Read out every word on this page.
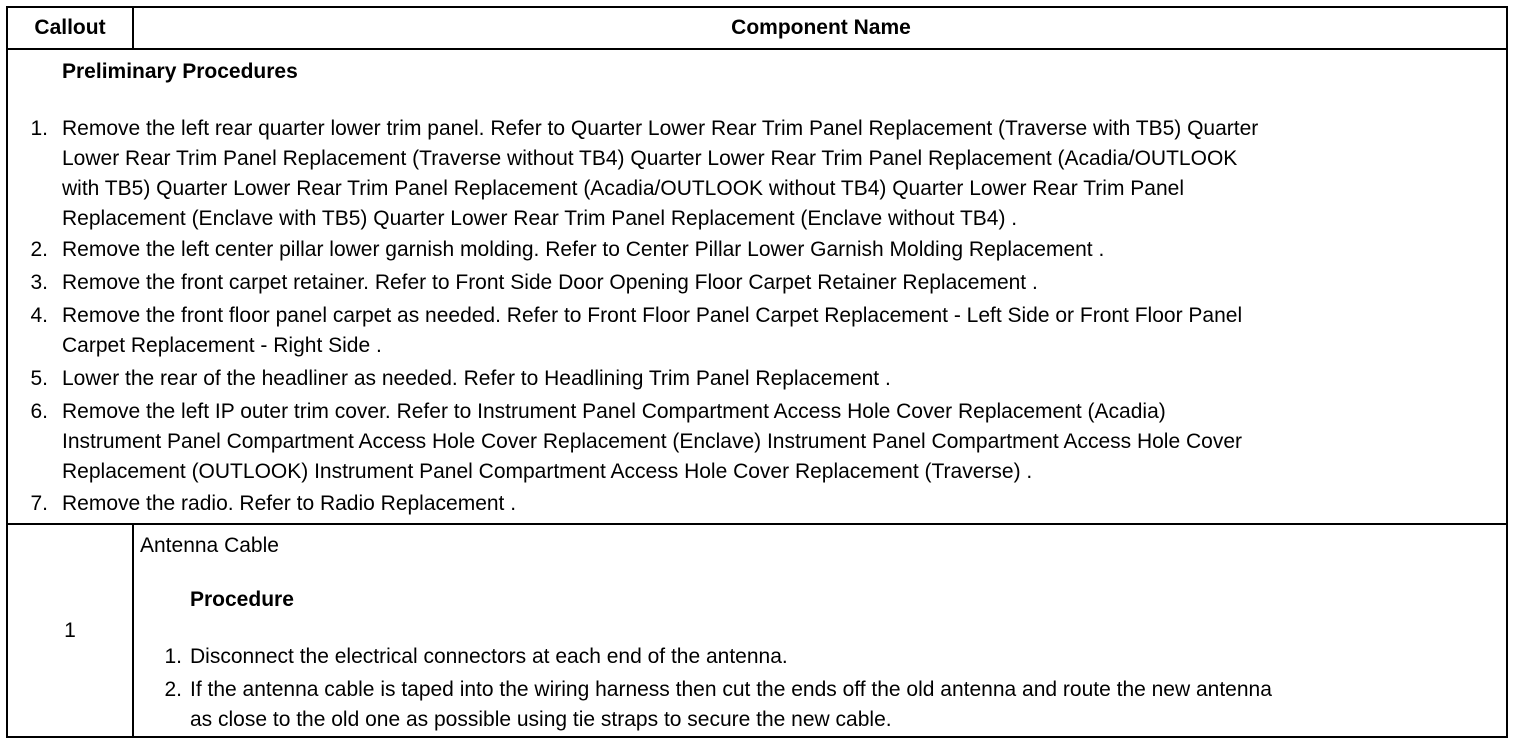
Callout	Component Name
Preliminary Procedures
1. Remove the left rear quarter lower trim panel. Refer to Quarter Lower Rear Trim Panel Replacement (Traverse with TB5) Quarter
Lower Rear Trim Panel Replacement (Traverse without TB4) Quarter Lower Rear Trim Panel Replacement (Acadia/OUTLOOK
with TB5) Quarter Lower Rear Trim Panel Replacement (Acadia/OUTLOOK without TB4) Quarter Lower Rear Trim Panel
Replacement (Enclave with TB5) Quarter Lower Rear Trim Panel Replacement (Enclave without TB4) .
2. Remove the left center pillar lower garnish molding. Refer to Center Pillar Lower Garnish Molding Replacement .
3. Remove the front carpet retainer. Refer to Front Side Door Opening Floor Carpet Retainer Replacement .
4. Remove the front floor panel carpet as needed. Refer to Front Floor Panel Carpet Replacement - Left Side or Front Floor Panel
Carpet Replacement - Right Side .
5. Lower the rear of the headliner as needed. Refer to Headlining Trim Panel Replacement .
6. Remove the left IP outer trim cover. Refer to Instrument Panel Compartment Access Hole Cover Replacement (Acadia)
Instrument Panel Compartment Access Hole Cover Replacement (Enclave) Instrument Panel Compartment Access Hole Cover
Replacement (OUTLOOK) Instrument Panel Compartment Access Hole Cover Replacement (Traverse) .
7. Remove the radio. Refer to Radio Replacement .
1
Antenna Cable
Procedure
1. Disconnect the electrical connectors at each end of the antenna.
2. If the antenna cable is taped into the wiring harness then cut the ends off the old antenna and route the new antenna
as close to the old one as possible using tie straps to secure the new cable.
